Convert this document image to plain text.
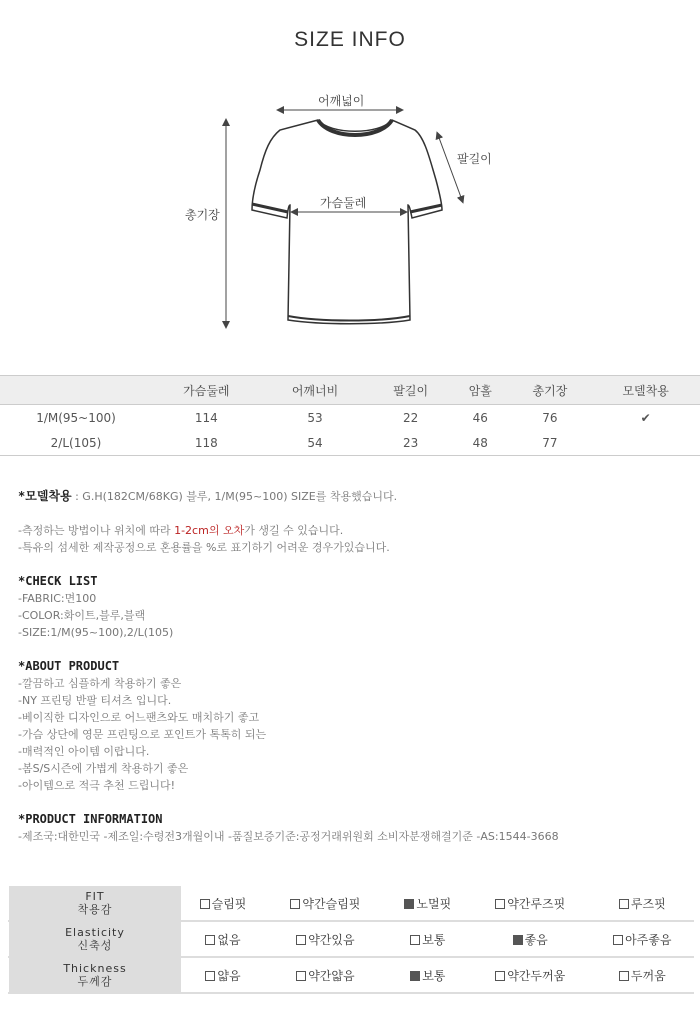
SIZE INFO
어깨넓이
팔길이
가슴둘레
총기장
	가슴둘레	어깨너비	팔길이	암홀	총기장	모델착용
1/M(95~100)	114	53	22	46	76	✔
2/L(105)	118	54	23	48	77	
*모델착용 : G.H(182CM/68KG) 블루, 1/M(95~100) SIZE를 착용했습니다.
-측정하는 방법이나 위치에 따라 1-2cm의 오차가 생길 수 있습니다.
-특유의 섬세한 제작공정으로 혼용률을 %로 표기하기 어려운 경우가있습니다.
*CHECK LIST
-FABRIC:면100
-COLOR:화이트,블루,블랙
-SIZE:1/M(95~100),2/L(105)
*ABOUT PRODUCT
-깔끔하고 심플하게 착용하기 좋은
-NY 프린팅 반팔 티셔츠 입니다.
-베이직한 디자인으로 어느팬츠와도 매치하기 좋고
-가슴 상단에 영문 프린팅으로 포인트가 톡톡히 되는
-매력적인 아이템 이랍니다.
-봄S/S시즌에 가볍게 착용하기 좋은
-아이템으로 적극 추천 드립니다!
*PRODUCT INFORMATION
-제조국:대한민국 -제조일:수령전3개월이내 -품질보증기준:공정거래위원회 소비자분쟁해결기준 -AS:1544-3668
FIT
착용감	슬림핏	약간슬림핏	노멀핏	약간루즈핏	루즈핏

Elasticity
신축성	없음	약간있음	보통	좋음	아주좋음

Thickness
두께감	얇음	약간얇음	보통	약간두꺼움	두꺼움
